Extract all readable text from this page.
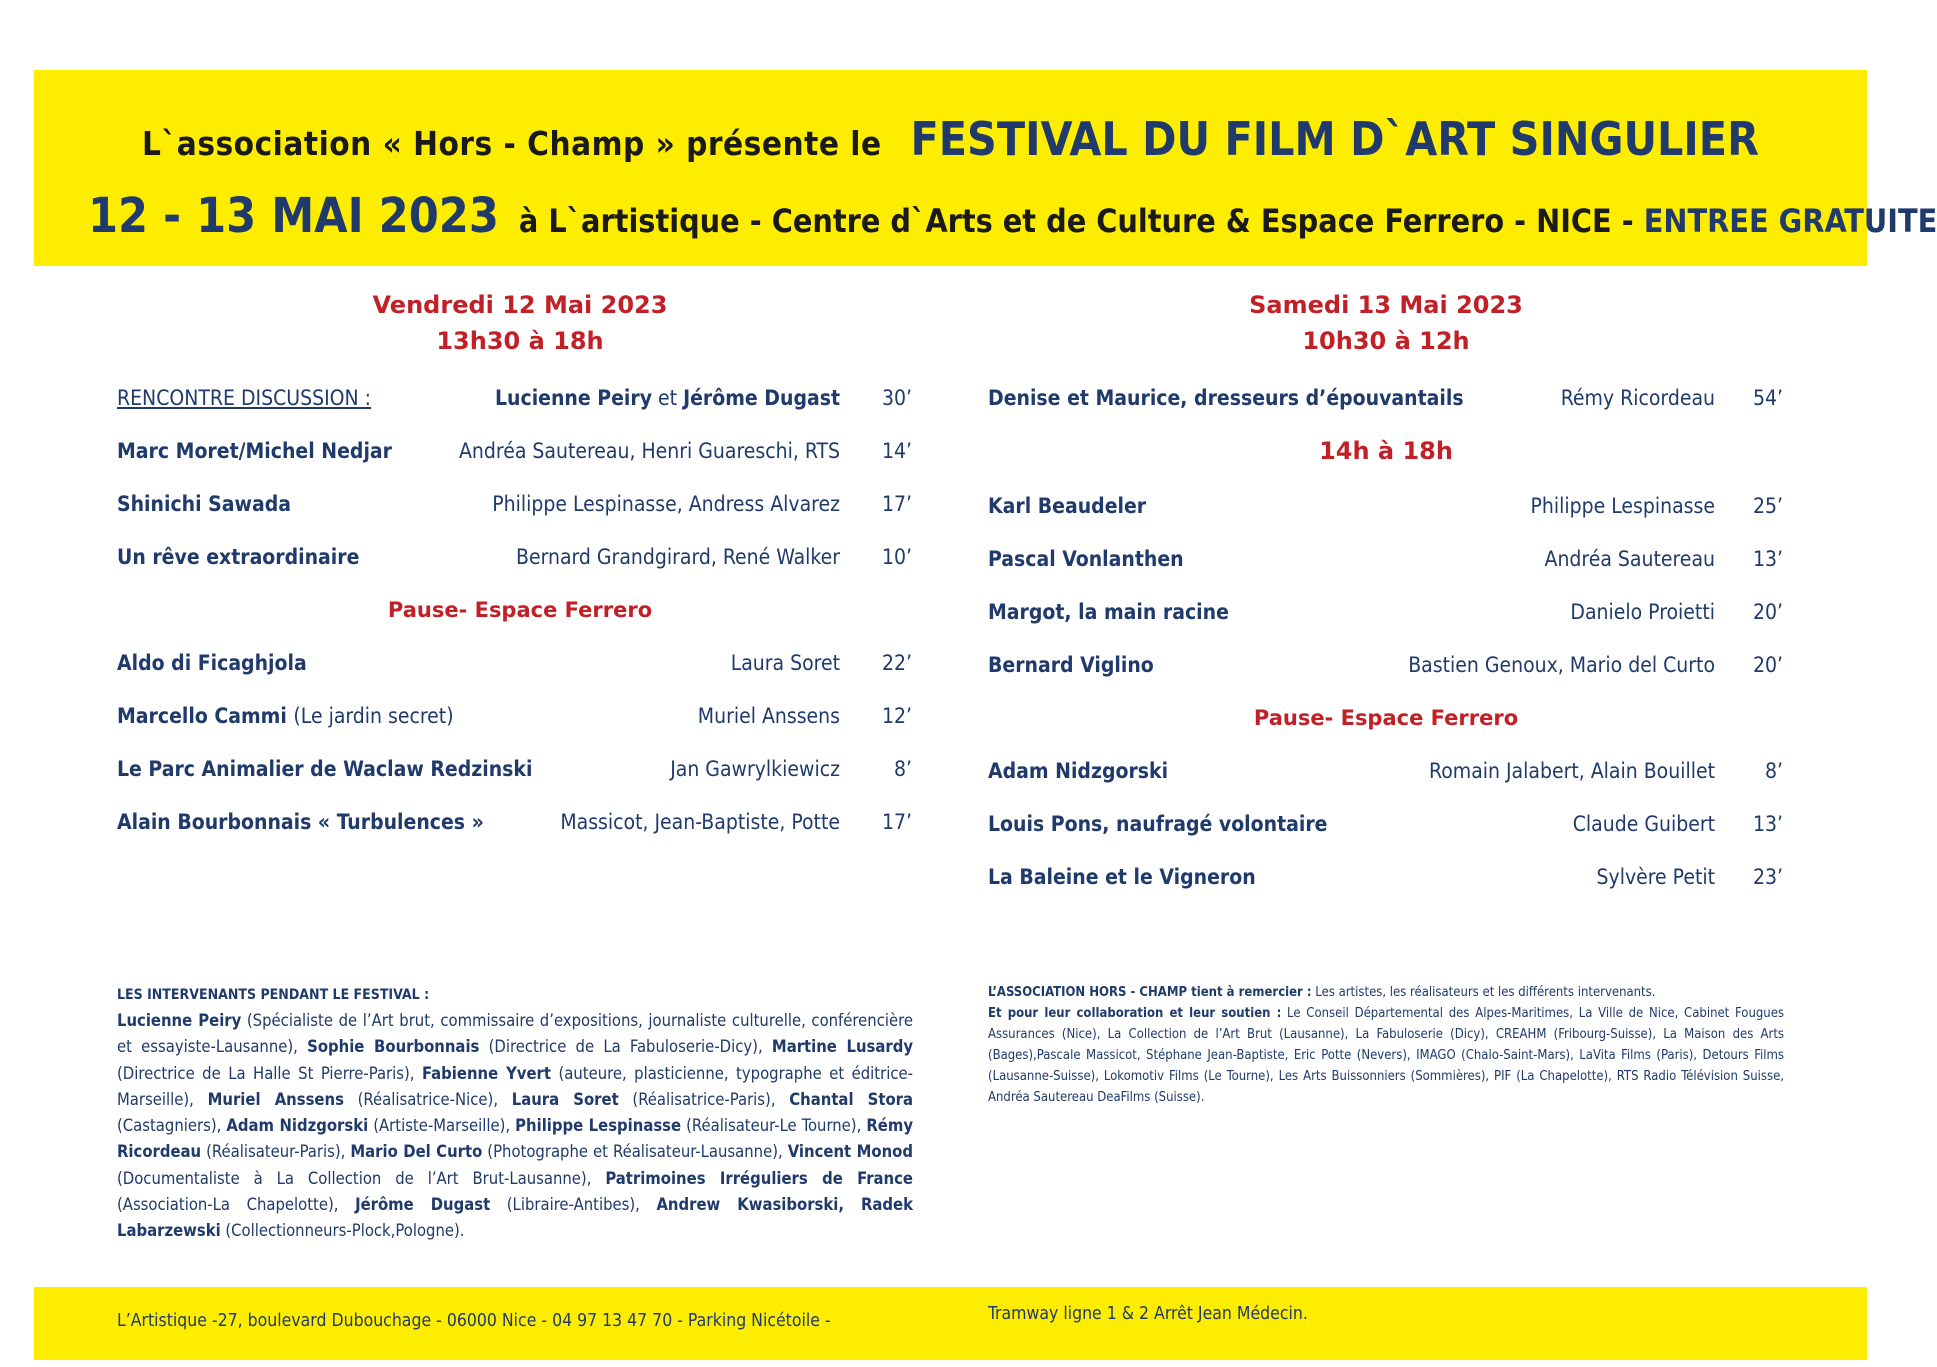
L`association « Hors - Champ » présente le FESTIVAL DU FILM D`ART SINGULIER
12 - 13 MAI 2023 à L`artistique - Centre d`Arts et de Culture & Espace Ferrero - NICE - ENTREE GRATUITE
Vendredi 12 Mai 2023
13h30 à 18h
RENCONTRE DISCUSSION :	Lucienne Peiry et Jérôme Dugast 30’
Marc Moret/Michel Nedjar	Andréa Sautereau, Henri Guareschi, RTS 14’
Shinichi Sawada	Philippe Lespinasse, Andress Alvarez 17’
Un rêve extraordinaire	Bernard Grandgirard, René Walker 10’
Pause- Espace Ferrero
Aldo di Ficaghjola	Laura Soret 22’
Marcello Cammi (Le jardin secret)	Muriel Anssens 12’
Le Parc Animalier de Waclaw Redzinski	Jan Gawrylkiewicz	8’
Alain Bourbonnais « Turbulences »	Massicot, Jean-Baptiste, Potte 17’
Samedi 13 Mai 2023
10h30 à 12h
Denise et Maurice, dresseurs d’épouvantails	Rémy Ricordeau 54’
14h à 18h
Karl Beaudeler	Philippe Lespinasse 25’
Pascal Vonlanthen	Andréa Sautereau 13’
Margot, la main racine	Danielo Proietti 20’
Bernard Viglino	Bastien Genoux, Mario del Curto 20’
Pause- Espace Ferrero
Adam Nidzgorski	Romain Jalabert, Alain Bouillet 8’
Louis Pons, naufragé volontaire	Claude Guibert 13’
La Baleine et le Vigneron	Sylvère Petit 23’
LES INTERVENANTS PENDANT LE FESTIVAL :
Lucienne Peiry (Spécialiste de l’Art brut, commissaire d’expositions, journaliste culturelle, conférencière et essayiste-Lausanne), Sophie Bourbonnais (Directrice de La Fabuloserie-Dicy), Martine Lusardy (Directrice de La Halle St Pierre-Paris), Fabienne Yvert (auteure, plasticienne, typographe et éditrice-Marseille), Muriel Anssens (Réalisatrice-Nice), Laura Soret (Réalisatrice-Paris), Chantal Stora (Castagniers), Adam Nidzgorski (Artiste-Marseille), Philippe Lespinasse (Réalisateur-Le Tourne), Rémy Ricordeau (Réalisateur-Paris), Mario Del Curto (Photographe et Réalisateur-Lausanne), Vincent Monod (Documentaliste à La Collection de l’Art Brut-Lausanne), Patrimoines Irréguliers de France (Association-La Chapelotte), Jérôme Dugast (Libraire-Antibes), Andrew Kwasiborski, Radek Labarzewski (Collectionneurs-Plock,Pologne).
L’ASSOCIATION HORS - CHAMP tient à remercier : Les artistes, les réalisateurs et les différents intervenants.
Et pour leur collaboration et leur soutien : Le Conseil Départemental des Alpes-Maritimes, La Ville de Nice, Cabinet Fougues Assurances (Nice), La Collection de l’Art Brut (Lausanne), La Fabuloserie (Dicy), CREAHM (Fribourg-Suisse), La Maison des Arts (Bages),Pascale Massicot, Stéphane Jean-Baptiste, Eric Potte (Nevers), IMAGO (Chalo-Saint-Mars), LaVita Films (Paris), Detours Films (Lausanne-Suisse), Lokomotiv Films (Le Tourne), Les Arts Buissonniers (Sommières), PIF (La Chapelotte), RTS Radio Télévision Suisse, Andréa Sautereau DeaFilms (Suisse).
L’Artistique -27, boulevard Dubouchage - 06000 Nice - 04 97 13 47 70 - Parking Nicétoile -	Tramway ligne 1 & 2 Arrêt Jean Médecin.
